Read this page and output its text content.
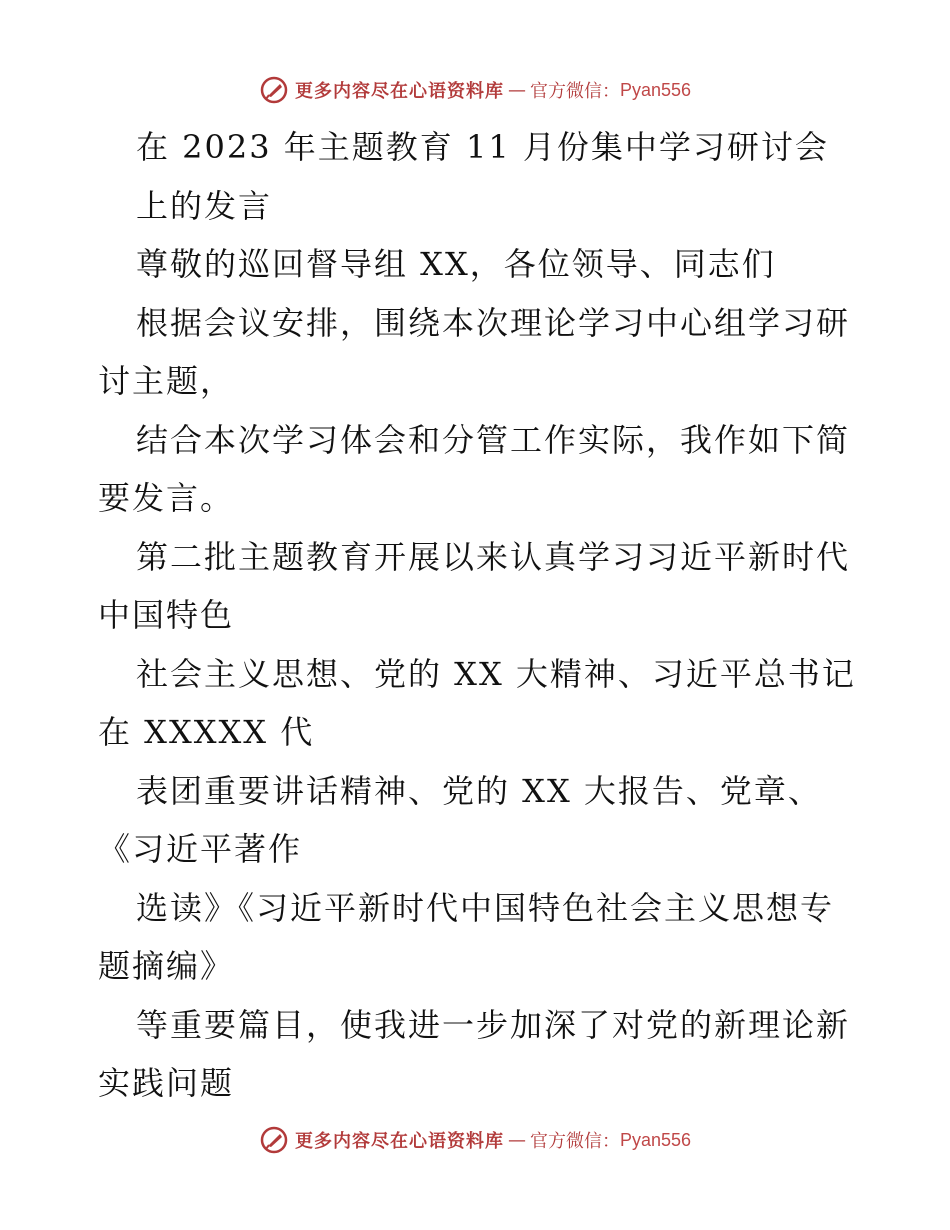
更多内容尽在心语资料库 — 官方微信： Pyan556
在 2023 年主题教育 11 月份集中学习研讨会
上的发言
尊敬的巡回督导组 XX，各位领导、同志们
根据会议安排，围绕本次理论学习中心组学习研
讨主题，
结合本次学习体会和分管工作实际，我作如下简
要发言。
第二批主题教育开展以来认真学习习近平新时代
中国特色
社会主义思想、党的 XX 大精神、习近平总书记
在 XXXXX 代
表团重要讲话精神、党的 XX 大报告、党章、
《习近平著作
选读》《习近平新时代中国特色社会主义思想专
题摘编》
等重要篇目，使我进一步加深了对党的新理论新
实践问题
更多内容尽在心语资料库 — 官方微信： Pyan556
